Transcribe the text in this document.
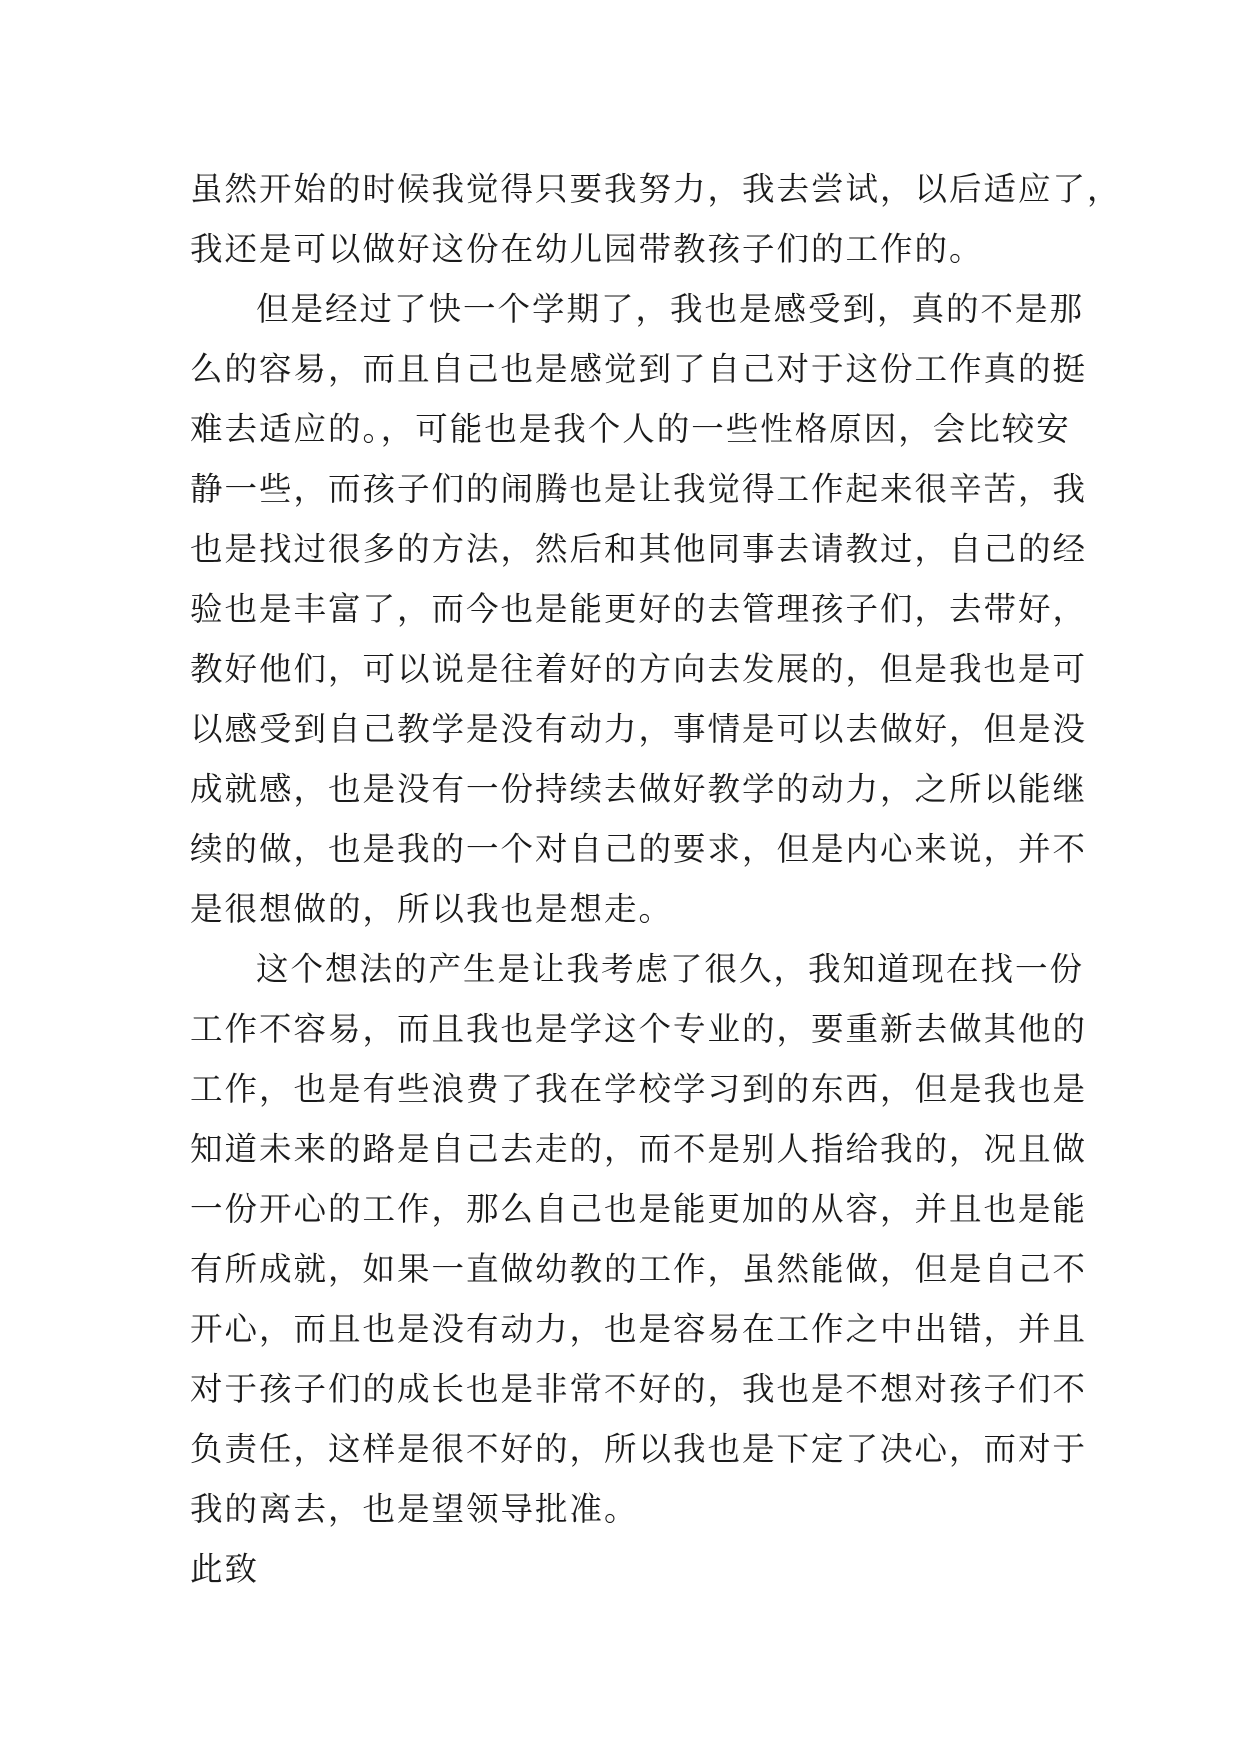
虽然开始的时候我觉得只要我努力，我去尝试，以后适应了，
我还是可以做好这份在幼儿园带教孩子们的工作的。
但是经过了快一个学期了，我也是感受到，真的不是那
么的容易，而且自己也是感觉到了自己对于这份工作真的挺
难去适应的。，可能也是我个人的一些性格原因，会比较安
静一些，而孩子们的闹腾也是让我觉得工作起来很辛苦，我
也是找过很多的方法，然后和其他同事去请教过，自己的经
验也是丰富了，而今也是能更好的去管理孩子们，去带好，
教好他们，可以说是往着好的方向去发展的，但是我也是可
以感受到自己教学是没有动力，事情是可以去做好，但是没
成就感，也是没有一份持续去做好教学的动力，之所以能继
续的做，也是我的一个对自己的要求，但是内心来说，并不
是很想做的，所以我也是想走。
这个想法的产生是让我考虑了很久，我知道现在找一份
工作不容易，而且我也是学这个专业的，要重新去做其他的
工作，也是有些浪费了我在学校学习到的东西，但是我也是
知道未来的路是自己去走的，而不是别人指给我的，况且做
一份开心的工作，那么自己也是能更加的从容，并且也是能
有所成就，如果一直做幼教的工作，虽然能做，但是自己不
开心，而且也是没有动力，也是容易在工作之中出错，并且
对于孩子们的成长也是非常不好的，我也是不想对孩子们不
负责任，这样是很不好的，所以我也是下定了决心，而对于
我的离去，也是望领导批准。
此致
